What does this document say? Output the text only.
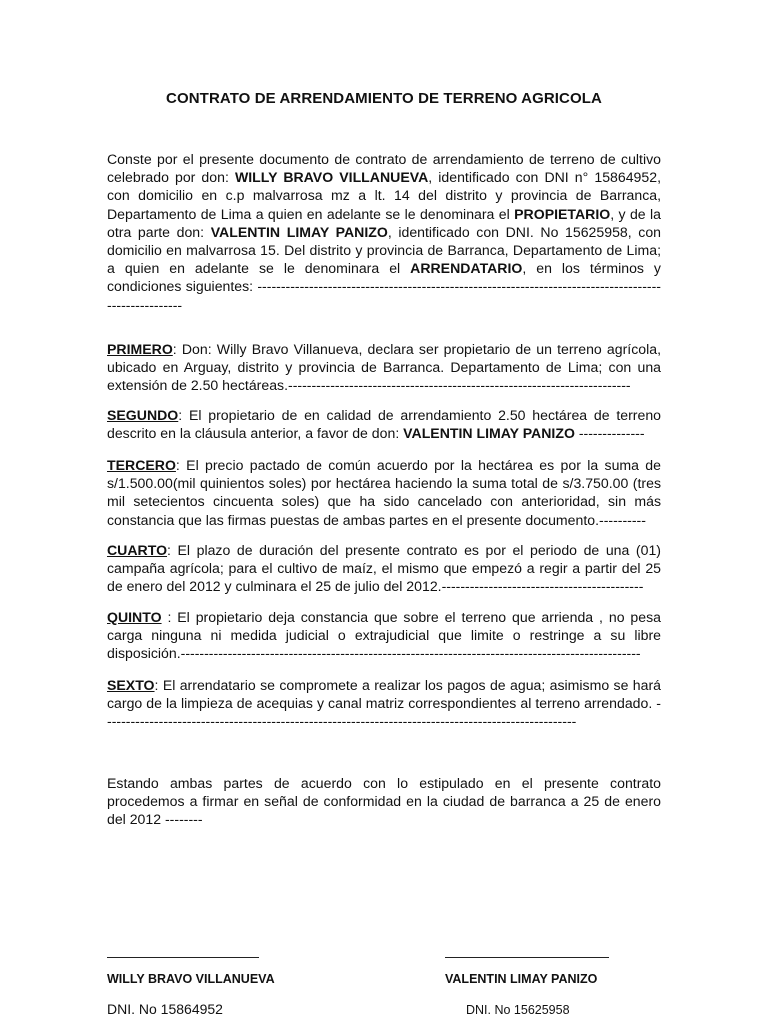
CONTRATO DE ARRENDAMIENTO DE TERRENO AGRICOLA

Conste por el presente documento de contrato de arrendamiento de terreno de cultivo celebrado por don: WILLY BRAVO VILLANUEVA, identificado con DNI n° 15864952, con domicilio en c.p malvarrosa mz a lt. 14 del distrito y provincia de Barranca, Departamento de Lima a quien en adelante se le denominara el PROPIETARIO, y de la otra parte don: VALENTIN LIMAY PANIZO, identificado con DNI. No 15625958, con domicilio en malvarrosa 15. Del distrito y provincia de Barranca, Departamento de Lima; a quien en adelante se le denominara el ARRENDATARIO, en los términos y condiciones siguientes: ------------------------------------------------------------------------------------------------------

PRIMERO: Don: Willy Bravo Villanueva, declara ser propietario de un terreno agrícola, ubicado en Arguay, distrito y provincia de Barranca. Departamento de Lima; con una extensión de 2.50 hectáreas.-------------------------------------------------------------------------

SEGUNDO: El propietario de en calidad de arrendamiento 2.50 hectárea de terreno descrito en la cláusula anterior, a favor de don: VALENTIN LIMAY PANIZO --------------

TERCERO: El precio pactado de común acuerdo por la hectárea es por la suma de s/1.500.00(mil quinientos soles) por hectárea haciendo la suma total de s/3.750.00 (tres mil setecientos cincuenta soles) que ha sido cancelado con anterioridad, sin más constancia que las firmas puestas de ambas partes en el presente documento.----------

CUARTO: El plazo de duración del presente contrato es por el periodo de una (01) campaña agrícola; para el cultivo de maíz, el mismo que empezó a regir a partir del 25 de enero del 2012 y culminara el 25 de julio del 2012.-------------------------------------------

QUINTO : El propietario deja constancia que sobre el terreno que arrienda , no pesa carga ninguna ni medida judicial o extrajudicial que limite o restringe a su libre disposición.--------------------------------------------------------------------------------------------------

SEXTO: El arrendatario se compromete a realizar los pagos de agua; asimismo se hará cargo de la limpieza de acequias y canal matriz correspondientes al terreno arrendado. -----------------------------------------------------------------------------------------------------

Estando ambas partes de acuerdo con lo estipulado en el presente contrato procedemos a firmar en señal de conformidad en la ciudad de barranca a 25 de enero del 2012 --------

WILLY BRAVO VILLANUEVA	VALENTIN LIMAY PANIZO
DNI. No 15864952	DNI. No 15625958
